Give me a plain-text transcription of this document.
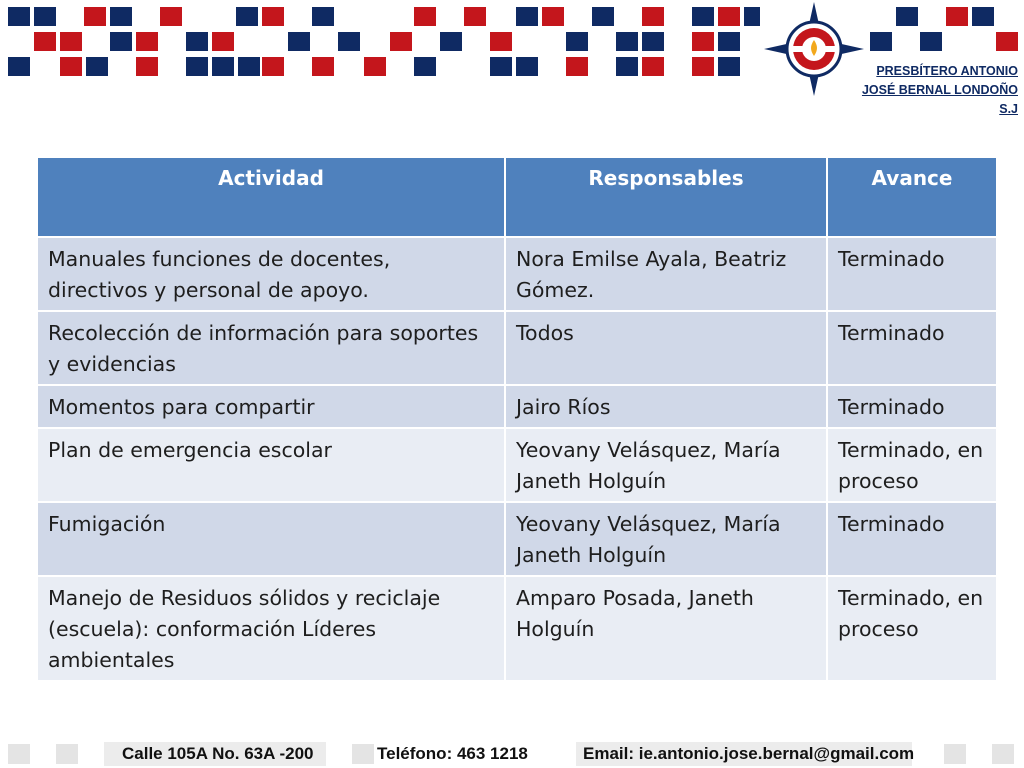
PRESBÍTERO ANTONIO
JOSÉ BERNAL LONDOÑO
S.J
Actividad	Responsables	Avance
Manuales funciones de docentes, directivos y personal de apoyo.	Nora Emilse Ayala, Beatriz Gómez.	Terminado
Recolección de información para soportes y evidencias	Todos	Terminado
Momentos para compartir	Jairo Ríos	Terminado
Plan de emergencia escolar	Yeovany Velásquez, María Janeth Holguín	Terminado, en proceso
Fumigación	Yeovany Velásquez, María Janeth Holguín	Terminado
Manejo de Residuos sólidos y reciclaje (escuela): conformación Líderes ambientales	Amparo Posada, Janeth Holguín	Terminado, en proceso
Calle 105A No. 63A -200	Teléfono: 463 1218	Email: ie.antonio.jose.bernal@gmail.com
